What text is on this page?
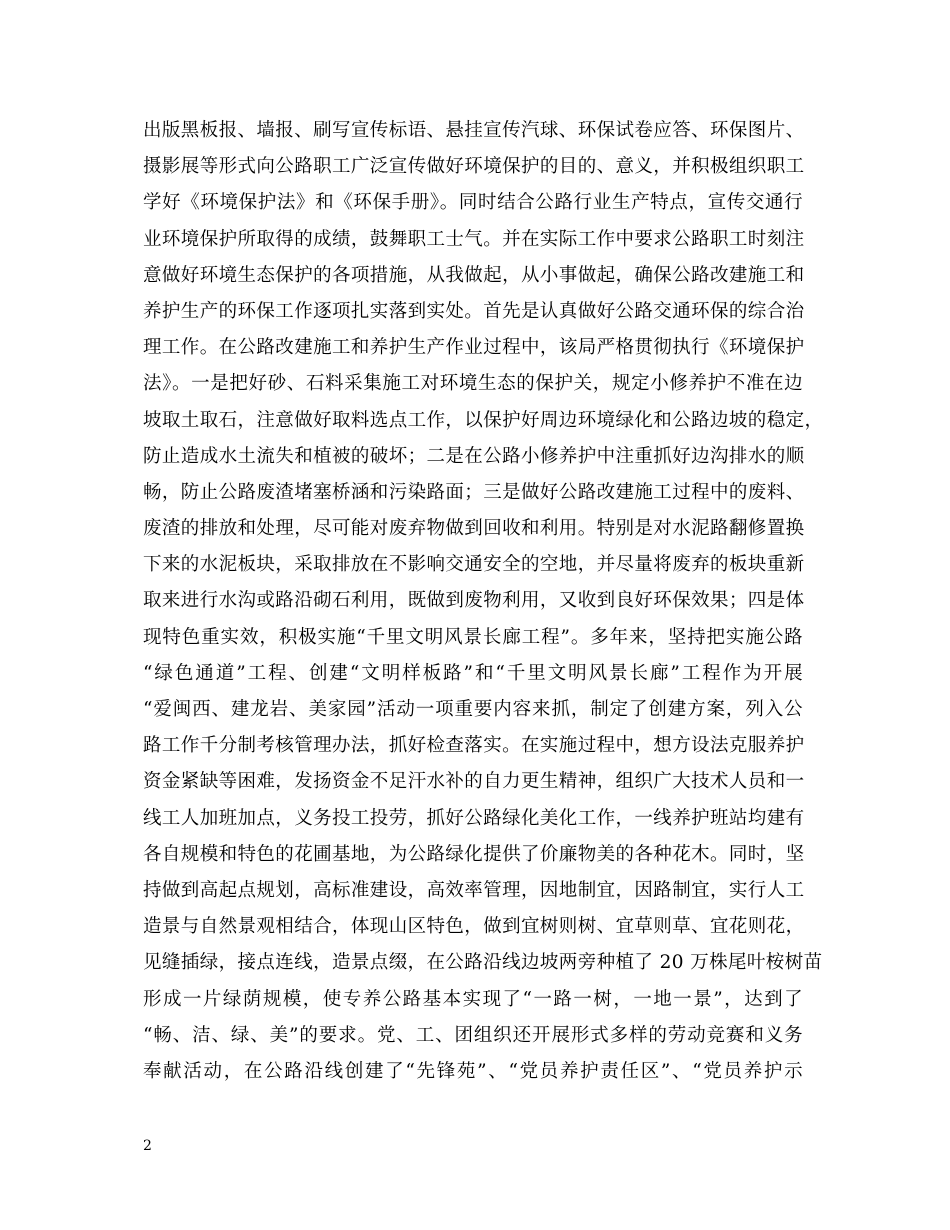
出版黑板报、墙报、刷写宣传标语、悬挂宣传汽球、环保试卷应答、环保图片、
摄影展等形式向公路职工广泛宣传做好环境保护的目的、意义，并积极组织职工
学好《环境保护法》和《环保手册》。同时结合公路行业生产特点，宣传交通行
业环境保护所取得的成绩，鼓舞职工士气。并在实际工作中要求公路职工时刻注
意做好环境生态保护的各项措施，从我做起，从小事做起，确保公路改建施工和
养护生产的环保工作逐项扎实落到实处。首先是认真做好公路交通环保的综合治
理工作。在公路改建施工和养护生产作业过程中，该局严格贯彻执行《环境保护
法》。一是把好砂、石料采集施工对环境生态的保护关，规定小修养护不准在边
坡取土取石，注意做好取料选点工作，以保护好周边环境绿化和公路边坡的稳定，
防止造成水土流失和植被的破坏；二是在公路小修养护中注重抓好边沟排水的顺
畅，防止公路废渣堵塞桥涵和污染路面；三是做好公路改建施工过程中的废料、
废渣的排放和处理，尽可能对废弃物做到回收和利用。特别是对水泥路翻修置换
下来的水泥板块，采取排放在不影响交通安全的空地，并尽量将废弃的板块重新
取来进行水沟或路沿砌石利用，既做到废物利用，又收到良好环保效果；四是体
现特色重实效，积极实施“千里文明风景长廊工程”。多年来，坚持把实施公路
“绿色通道”工程、创建“文明样板路”和“千里文明风景长廊”工程作为开展
“爱闽西、建龙岩、美家园”活动一项重要内容来抓，制定了创建方案，列入公
路工作千分制考核管理办法，抓好检查落实。在实施过程中，想方设法克服养护
资金紧缺等困难，发扬资金不足汗水补的自力更生精神，组织广大技术人员和一
线工人加班加点，义务投工投劳，抓好公路绿化美化工作，一线养护班站均建有
各自规模和特色的花圃基地，为公路绿化提供了价廉物美的各种花木。同时，坚
持做到高起点规划，高标准建设，高效率管理，因地制宜，因路制宜，实行人工
造景与自然景观相结合，体现山区特色，做到宜树则树、宜草则草、宜花则花，
见缝插绿，接点连线，造景点缀，在公路沿线边坡两旁种植了 20 万株尾叶桉树苗
形成一片绿荫规模，使专养公路基本实现了“一路一树，一地一景”，达到了
“畅、洁、绿、美”的要求。党、工、团组织还开展形式多样的劳动竞赛和义务
奉献活动，在公路沿线创建了“先锋苑”、“党员养护责任区”、“党员养护示
2
